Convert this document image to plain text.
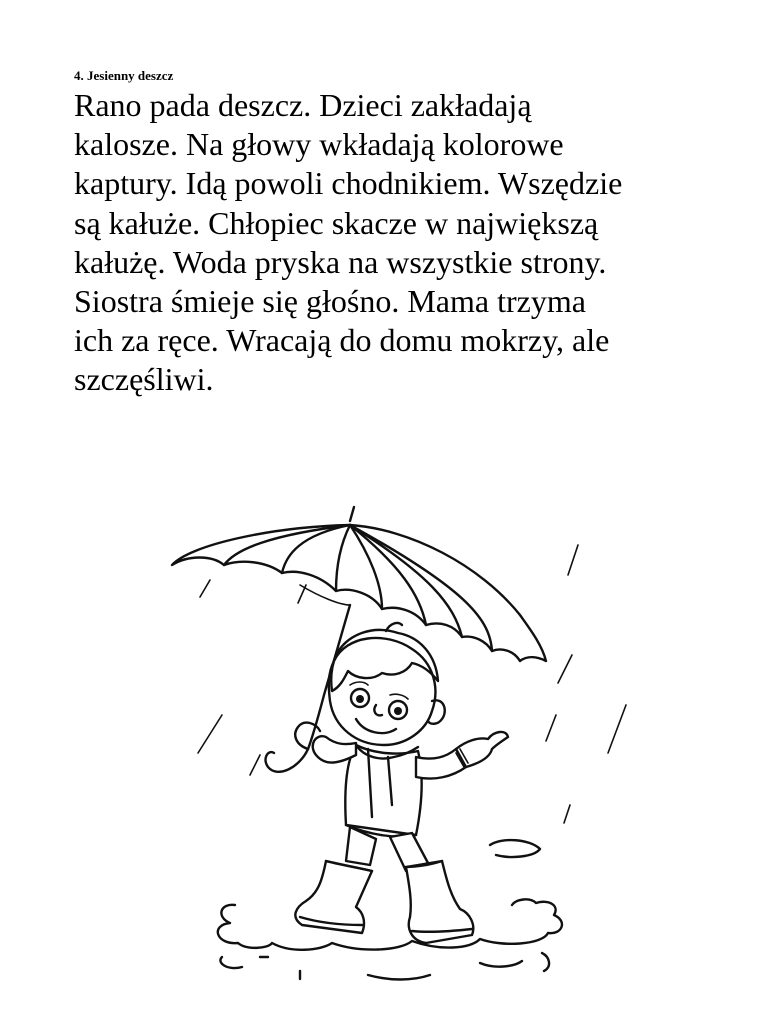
4. Jesienny deszcz
Rano pada deszcz. Dzieci zakładają
kalosze. Na głowy wkładają kolorowe
kaptury. Idą powoli chodnikiem. Wszędzie
są kałuże. Chłopiec skacze w największą
kałużę. Woda pryska na wszystkie strony.
Siostra śmieje się głośno. Mama trzyma
ich za ręce. Wracają do domu mokrzy, ale
szczęśliwi.
